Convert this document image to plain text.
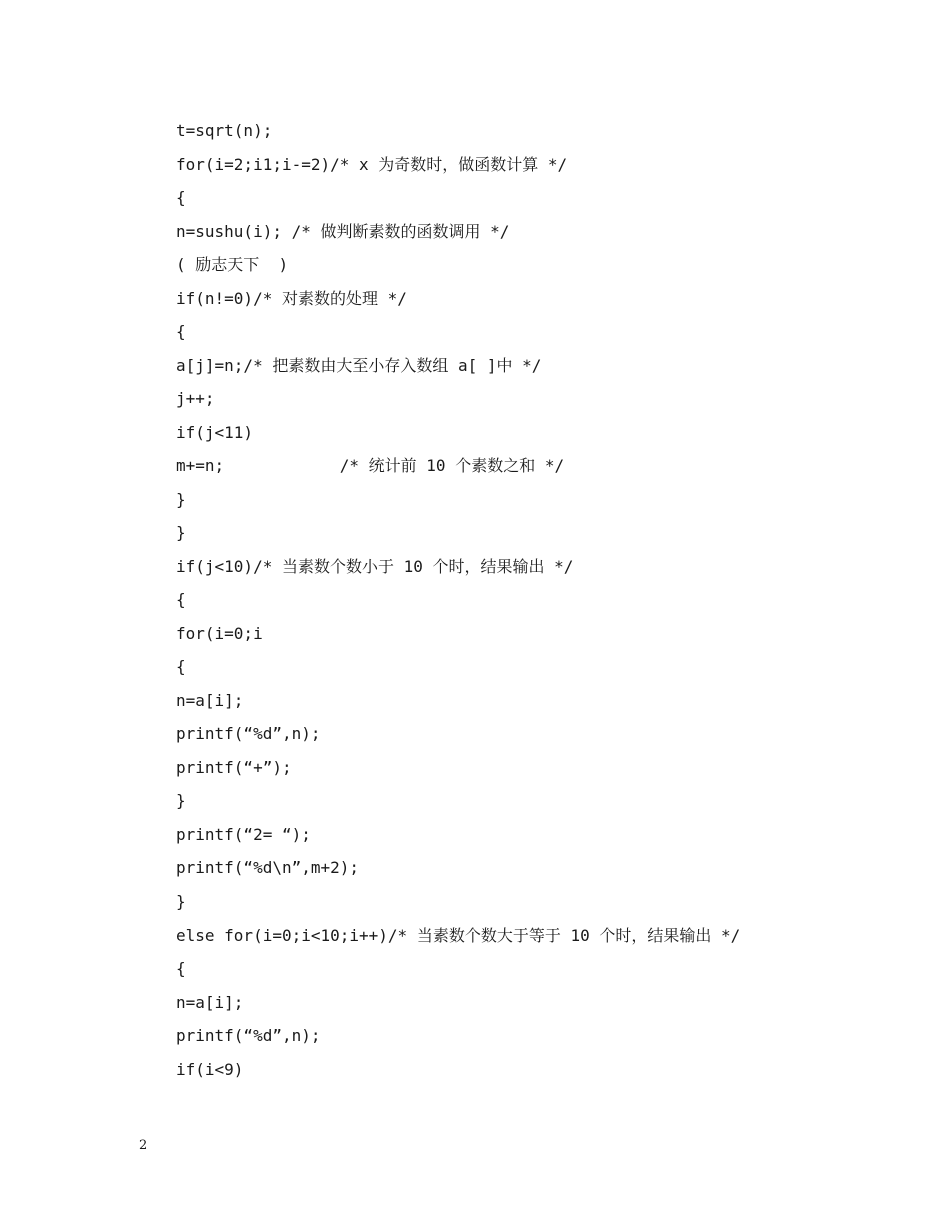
t=sqrt(n);
for(i=2;i1;i-=2)/* x 为奇数时，做函数计算 */
{
n=sushu(i); /* 做判断素数的函数调用 */
( 励志天下  )
if(n!=0)/* 对素数的处理 */
{
a[j]=n;/* 把素数由大至小存入数组 a[ ]中 */
j++;
if(j<11)
m+=n;            /* 统计前 10 个素数之和 */
}
}
if(j<10)/* 当素数个数小于 10 个时，结果输出 */
{
for(i=0;i
{
n=a[i];
printf(“%d”,n);
printf(“+”);
}
printf(“2= “);
printf(“%d\n”,m+2);
}
else for(i=0;i<10;i++)/* 当素数个数大于等于 10 个时，结果输出 */
{
n=a[i];
printf(“%d”,n);
if(i<9)
2
